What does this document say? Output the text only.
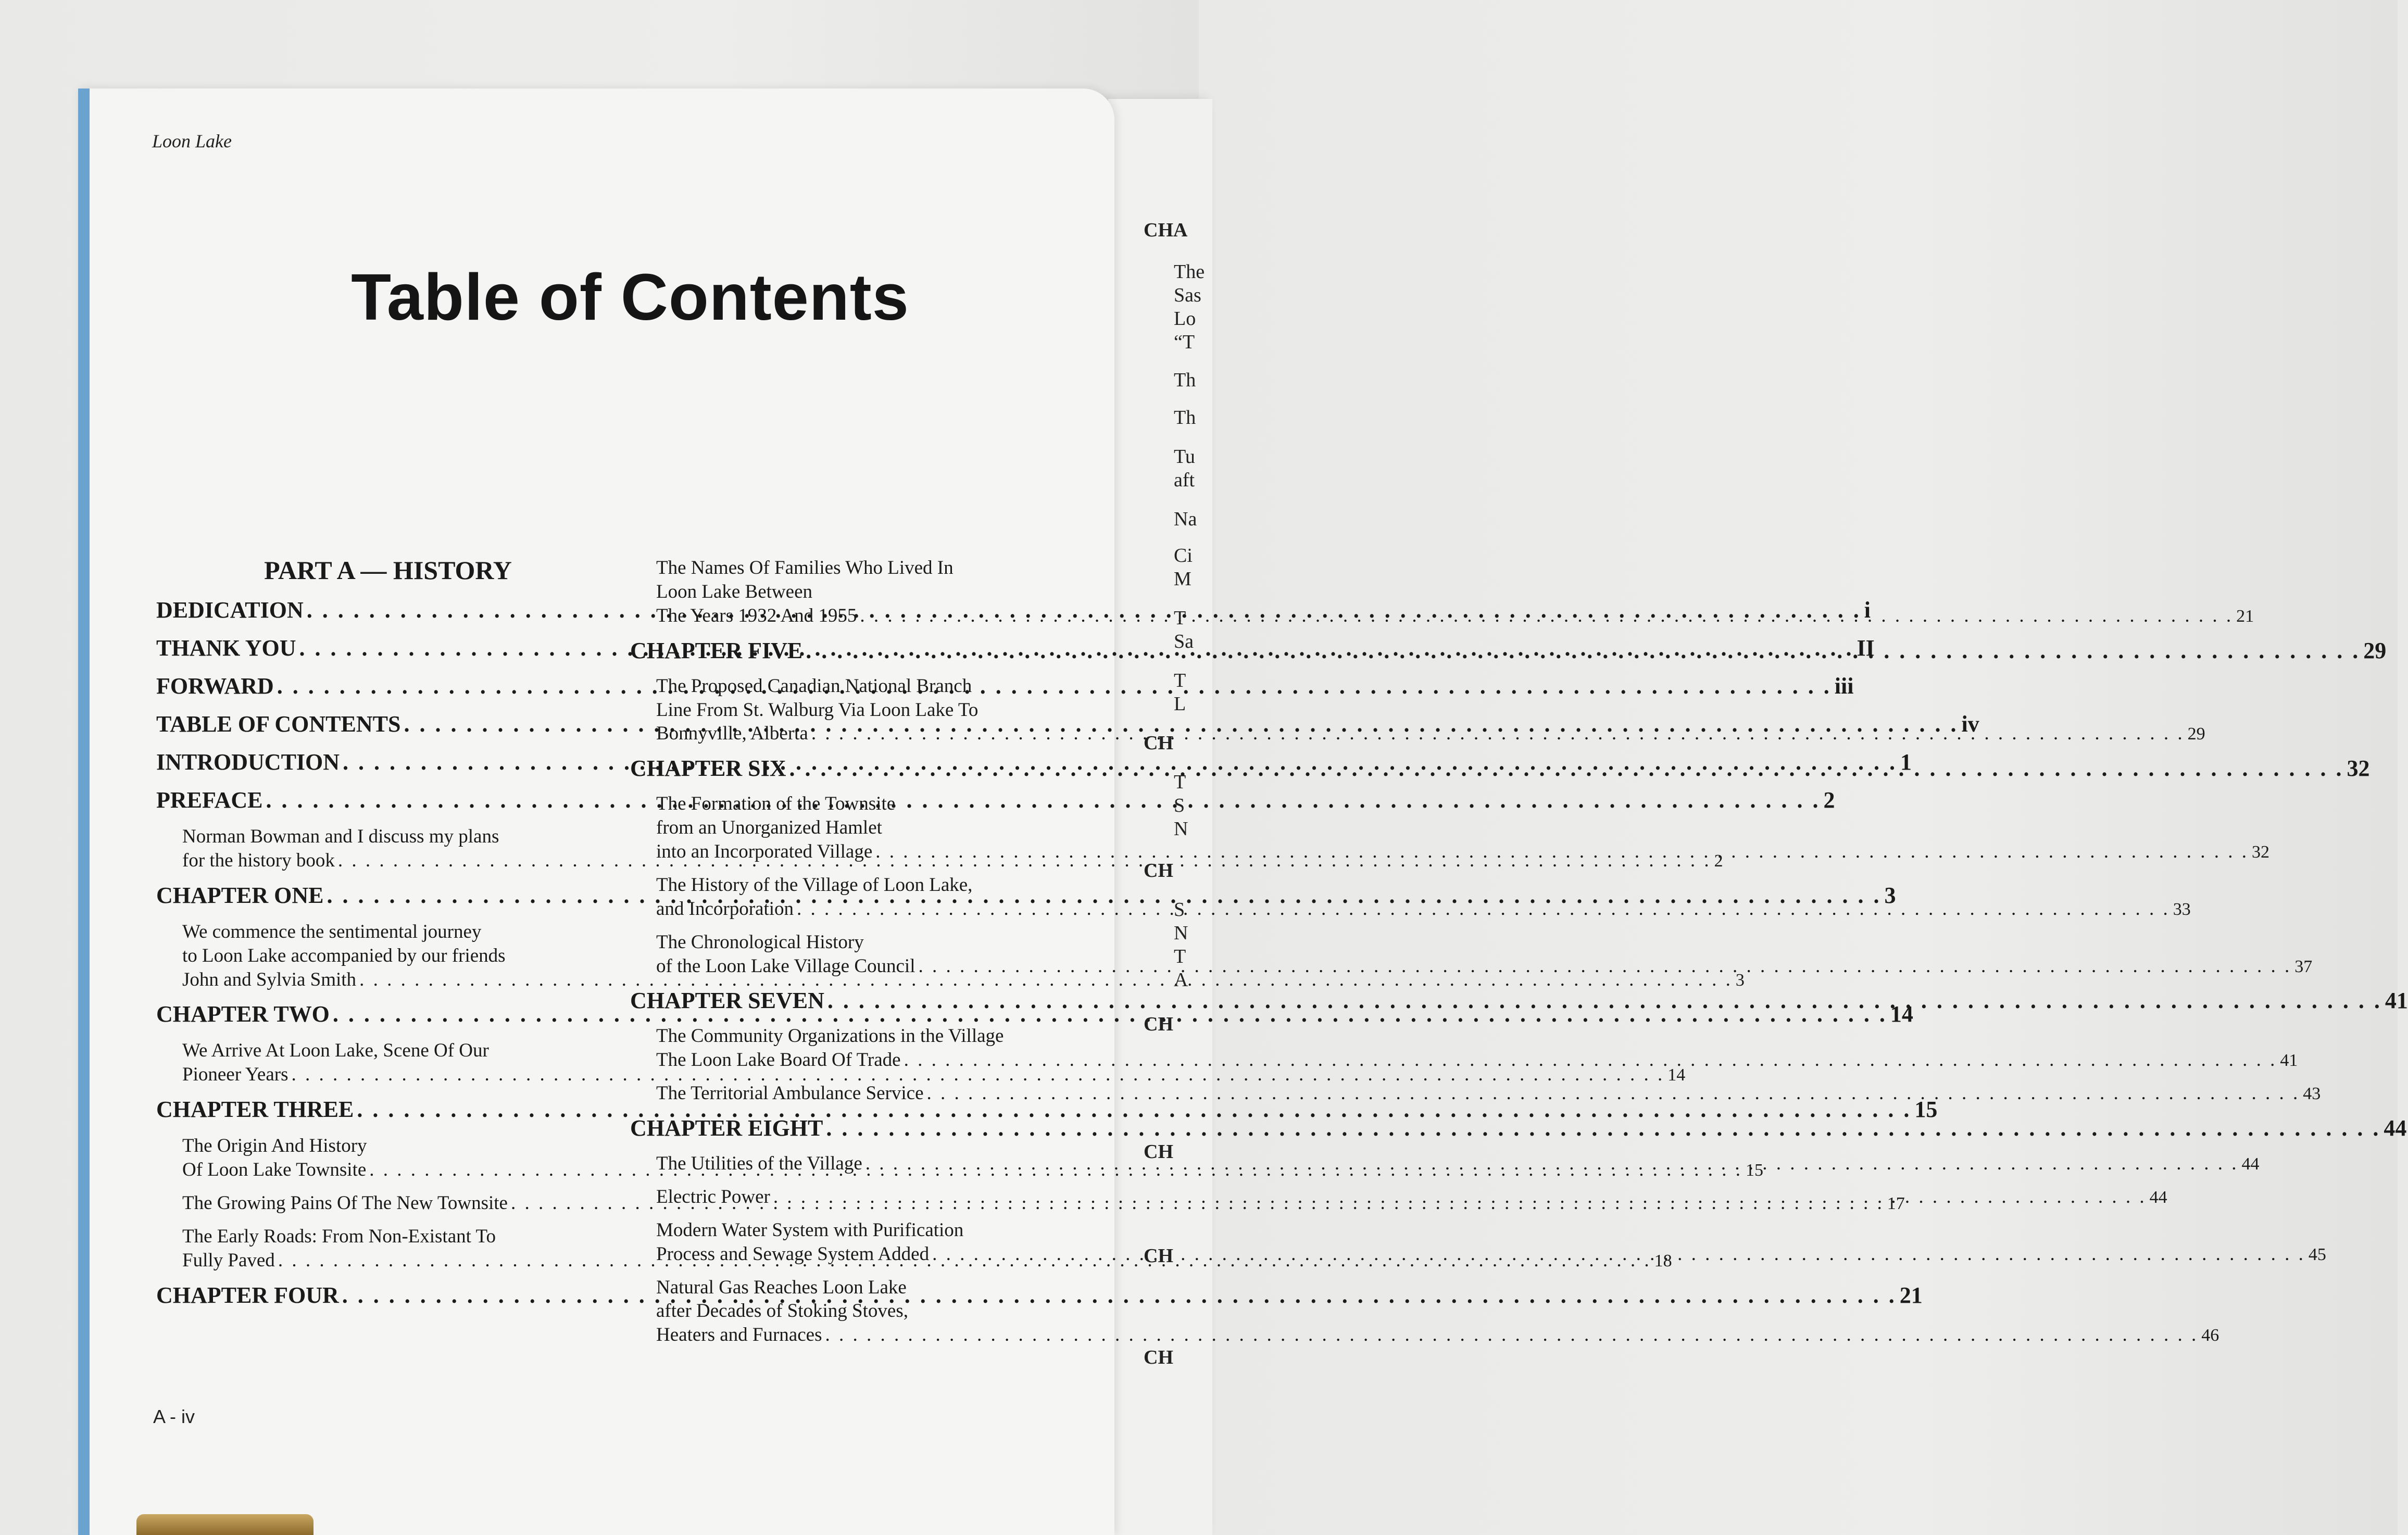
Loon Lake
Table of Contents
PART A — HISTORY
DEDICATION . . .	i
THANK YOU . . .	II
FORWARD . . .	iii
TABLE OF CONTENTS . . .	iv
INTRODUCTION . . .	1
PREFACE . . .	2
Norman Bowman and I discuss my plans
for the history book . . .	2
CHAPTER ONE . . .	3
We commence the sentimental journey
to Loon Lake accompanied by our friends
John and Sylvia Smith . . .	3
CHAPTER TWO . . .	14
We Arrive At Loon Lake, Scene Of Our
Pioneer Years . . .	14
CHAPTER THREE . . .	15
The Origin And History
Of Loon Lake Townsite . . .	15
The Growing Pains Of The New Townsite . . .	17
The Early Roads: From Non-Existant To
Fully Paved . . .	18
CHAPTER FOUR . . .	21
The Names Of Families Who Lived In
Loon Lake Between
The Years 1932 And 1955 . . .	21
CHAPTER FIVE . . .	29
The Proposed Canadian National Branch
Line From St. Walburg Via Loon Lake To
Bonnyville, Alberta . . .	29
CHAPTER SIX . . .	32
The Formation of the Townsite
from an Unorganized Hamlet
into an Incorporated Village . . .	32
The History of the Village of Loon Lake,
and Incorporation . . .	33
The Chronological History
of the Loon Lake Village Council . . .	37
CHAPTER SEVEN . . .	41
The Community Organizations in the Village
The Loon Lake Board Of Trade . . .	41
The Territorial Ambulance Service . . .	43
CHAPTER EIGHT . . .	44
The Utilities of the Village . . .	44
Electric Power . . .	44
Modern Water System with Purification
Process and Sewage System Added . . .	45
Natural Gas Reaches Loon Lake
after Decades of Stoking Stoves,
Heaters and Furnaces . . .	46
A - iv
CHA
The
Sas
Lo
“T
Th
Th
Tu
aft
Na
Ci
M
T
Sa
T
L
CH
T
S
N
CH
S
N
T
A
CH
CH
CH
CH
